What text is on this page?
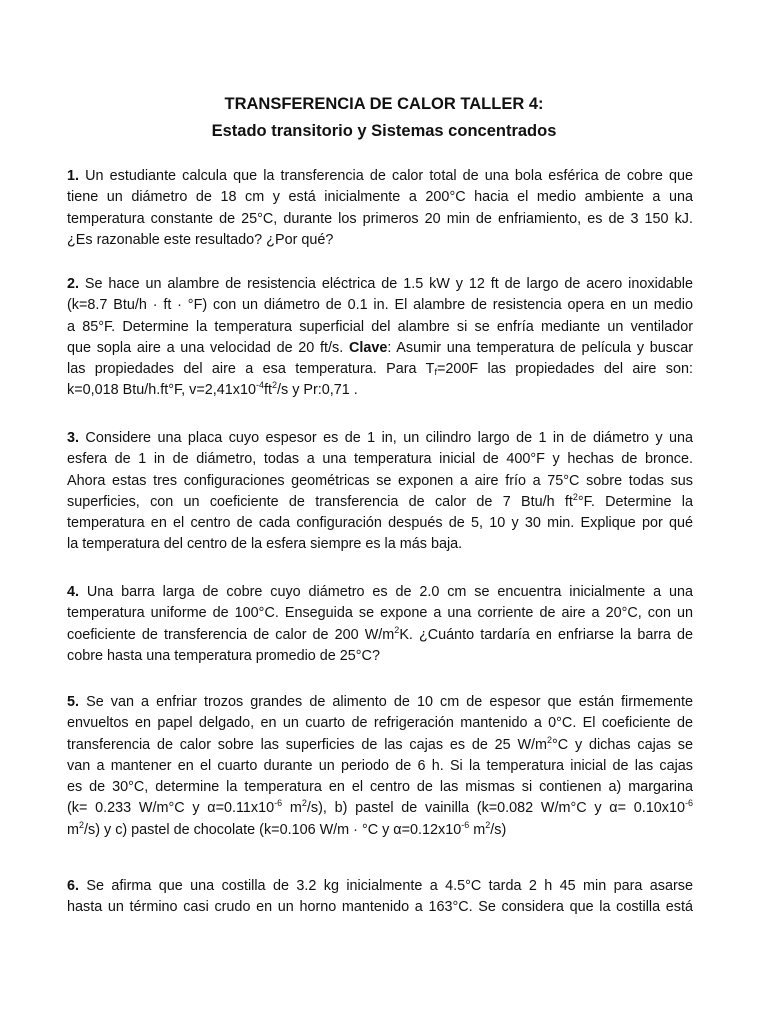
TRANSFERENCIA DE CALOR TALLER 4:
Estado transitorio y Sistemas concentrados
1. Un estudiante calcula que la transferencia de calor total de una bola esférica de cobre que
tiene un diámetro de 18 cm y está inicialmente a 200°C hacia el medio ambiente a una
temperatura constante de 25°C, durante los primeros 20 min de enfriamiento, es de 3 150 kJ.
¿Es razonable este resultado? ¿Por qué?
2. Se hace un alambre de resistencia eléctrica de 1.5 kW y 12 ft de largo de acero inoxidable
(k=8.7 Btu/h · ft · °F) con un diámetro de 0.1 in. El alambre de resistencia opera en un medio
a 85°F. Determine la temperatura superficial del alambre si se enfría mediante un ventilador
que sopla aire a una velocidad de 20 ft/s. Clave: Asumir una temperatura de película y buscar
las propiedades del aire a esa temperatura. Para $T_f=200F$ las propiedades del aire son:
k=0,018 Btu/h.ft°F, $v=2,41x10^{-4}ft^2/s$ y Pr:0,71 .
3. Considere una placa cuyo espesor es de 1 in, un cilindro largo de 1 in de diámetro y una
esfera de 1 in de diámetro, todas a una temperatura inicial de 400°F y hechas de bronce.
Ahora estas tres configuraciones geométricas se exponen a aire frío a 75°C sobre todas sus
superficies, con un coeficiente de transferencia de calor de 7 Btu/h $ft^2^\circ F$. Determine la
temperatura en el centro de cada configuración después de 5, 10 y 30 min. Explique por qué
la temperatura del centro de la esfera siempre es la más baja.
4. Una barra larga de cobre cuyo diámetro es de 2.0 cm se encuentra inicialmente a una
temperatura uniforme de 100°C. Enseguida se expone a una corriente de aire a 20°C, con un
coeficiente de transferencia de calor de 200 $W/m^2K$. ¿Cuánto tardaría en enfriarse la barra de
cobre hasta una temperatura promedio de 25°C?
5. Se van a enfriar trozos grandes de alimento de 10 cm de espesor que están firmemente
envueltos en papel delgado, en un cuarto de refrigeración mantenido a 0°C. El coeficiente de
transferencia de calor sobre las superficies de las cajas es de 25 $W/m^2^\circ C$ y dichas cajas se
van a mantener en el cuarto durante un periodo de 6 h. Si la temperatura inicial de las cajas
es de 30°C, determine la temperatura en el centro de las mismas si contienen a) margarina
(k= 0.233 W/m°C y $\alpha=0.11x10^{-6}$ $m^2/s$), b) pastel de vainilla (k=0.082 W/m°C y $\alpha= 0.10x10^{-6}$
$m^2/s$) y c) pastel de chocolate (k=0.106 W/m · °C y $\alpha=0.12x10^{-6}$ $m^2/s$)
6. Se afirma que una costilla de 3.2 kg inicialmente a 4.5°C tarda 2 h 45 min para asarse
hasta un término casi crudo en un horno mantenido a 163°C. Se considera que la costilla está
